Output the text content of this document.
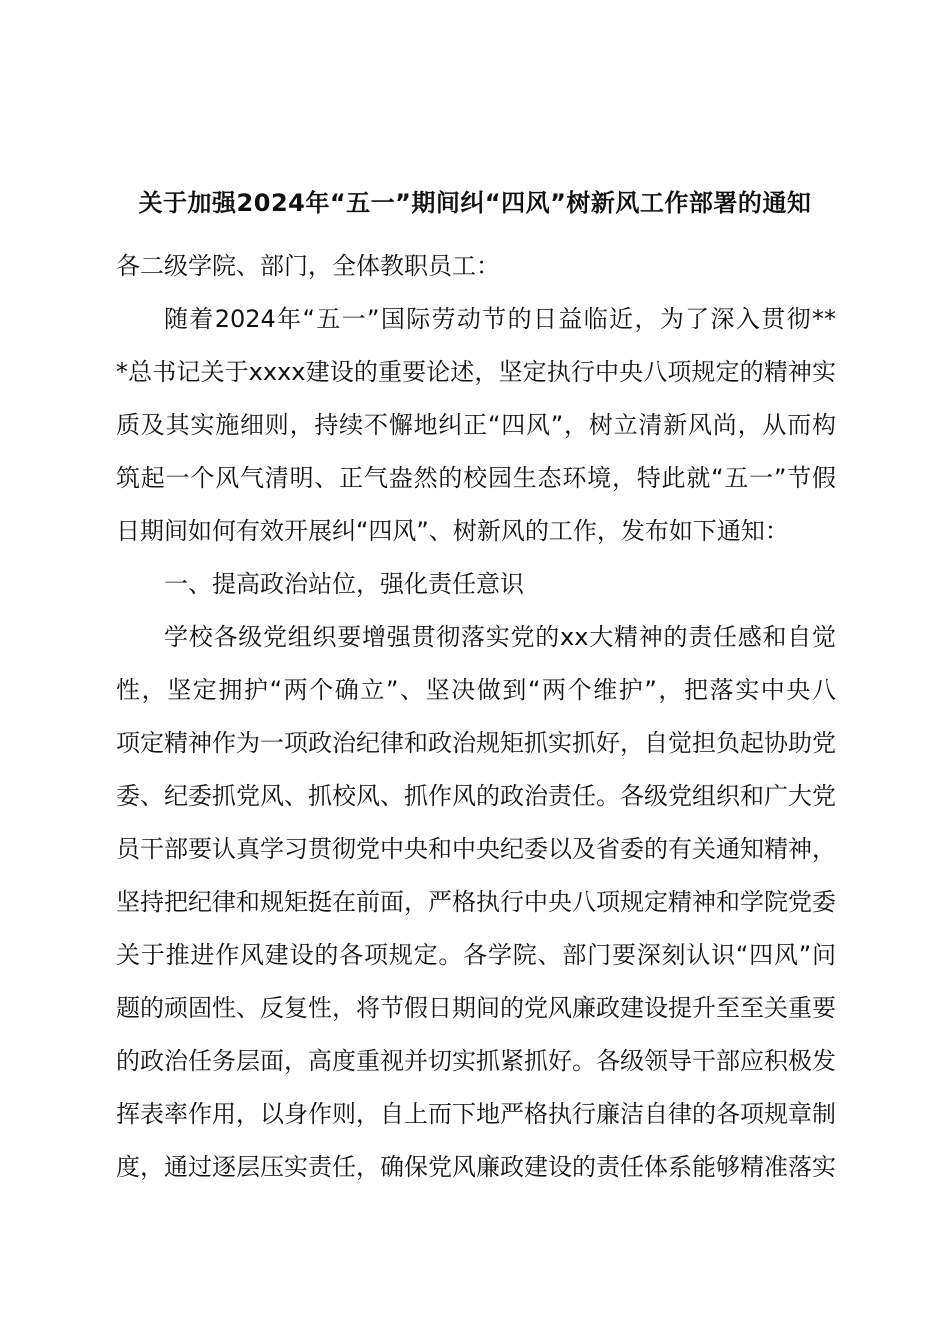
关于加强2024年“五一”期间纠“四风”树新风工作部署的通知
各二级学院、部门，全体教职员工：
随着2024年“五一”国际劳动节的日益临近，为了深入贯彻**
*总书记关于xxxx建设的重要论述，坚定执行中央八项规定的精神实
质及其实施细则，持续不懈地纠正“四风”，树立清新风尚，从而构
筑起一个风气清明、正气盎然的校园生态环境，特此就“五一”节假
日期间如何有效开展纠“四风”、树新风的工作，发布如下通知：
一、提高政治站位，强化责任意识
学校各级党组织要增强贯彻落实党的xx大精神的责任感和自觉
性，坚定拥护“两个确立”、坚决做到“两个维护”，把落实中央八
项定精神作为一项政治纪律和政治规矩抓实抓好，自觉担负起协助党
委、纪委抓党风、抓校风、抓作风的政治责任。各级党组织和广大党
员干部要认真学习贯彻党中央和中央纪委以及省委的有关通知精神，
坚持把纪律和规矩挺在前面，严格执行中央八项规定精神和学院党委
关于推进作风建设的各项规定。各学院、部门要深刻认识“四风”问
题的顽固性、反复性，将节假日期间的党风廉政建设提升至至关重要
的政治任务层面，高度重视并切实抓紧抓好。各级领导干部应积极发
挥表率作用，以身作则，自上而下地严格执行廉洁自律的各项规章制
度，通过逐层压实责任，确保党风廉政建设的责任体系能够精准落实
